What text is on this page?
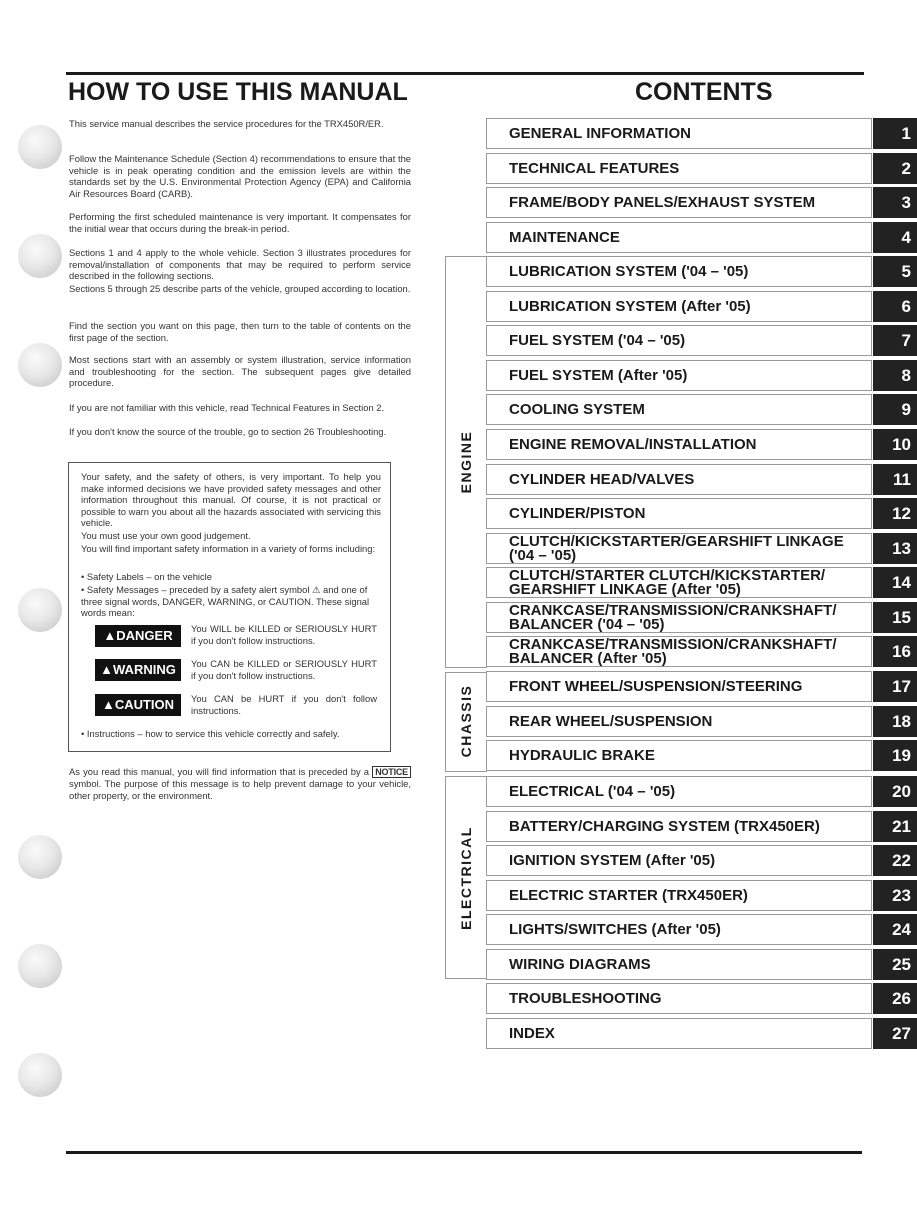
HOW TO USE THIS MANUAL
This service manual describes the service procedures for the TRX450R/ER.
Follow the Maintenance Schedule (Section 4) recommendations to ensure that the vehicle is in peak operating condition and the emission levels are within the standards set by the U.S. Environmental Protection Agency (EPA) and California Air Resources Board (CARB).
Performing the first scheduled maintenance is very important. It compensates for the initial wear that occurs during the break-in period.
Sections 1 and 4 apply to the whole vehicle. Section 3 illustrates procedures for removal/installation of components that may be required to perform service described in the following sections.
Sections 5 through 25 describe parts of the vehicle, grouped according to location.
Find the section you want on this page, then turn to the table of contents on the first page of the section.
Most sections start with an assembly or system illustration, service information and troubleshooting for the section. The subsequent pages give detailed procedure.
If you are not familiar with this vehicle, read Technical Features in Section 2.
If you don't know the source of the trouble, go to section 26 Troubleshooting.
Your safety, and the safety of others, is very important. To help you make informed decisions we have provided safety messages and other information throughout this manual. Of course, it is not practical or possible to warn you about all the hazards associated with servicing this vehicle.
You must use your own good judgement.
You will find important safety information in a variety of forms including:
• Safety Labels – on the vehicle
• Safety Messages – preceded by a safety alert symbol ⚠ and one of three signal words, DANGER, WARNING, or CAUTION. These signal words mean:
▲DANGER	You WILL be KILLED or SERIOUSLY HURT if you don't follow instructions.
▲WARNING	You CAN be KILLED or SERIOUSLY HURT if you don't follow instructions.
▲CAUTION	You CAN be HURT if you don't follow instructions.
• Instructions – how to service this vehicle correctly and safely.
As you read this manual, you will find information that is preceded by a NOTICE symbol. The purpose of this message is to help prevent damage to your vehicle, other property, or the environment.
CONTENTS
ENGINE
CHASSIS
ELECTRICAL
GENERAL INFORMATION	1
TECHNICAL FEATURES	2
FRAME/BODY PANELS/EXHAUST SYSTEM	3
MAINTENANCE	4
LUBRICATION SYSTEM ('04 – '05)	5
LUBRICATION SYSTEM (After '05)	6
FUEL SYSTEM ('04 – '05)	7
FUEL SYSTEM (After '05)	8
COOLING SYSTEM	9
ENGINE REMOVAL/INSTALLATION	10
CYLINDER HEAD/VALVES	11
CYLINDER/PISTON	12
CLUTCH/KICKSTARTER/GEARSHIFT LINKAGE ('04 – '05)	13
CLUTCH/STARTER CLUTCH/KICKSTARTER/ GEARSHIFT LINKAGE (After '05)	14
CRANKCASE/TRANSMISSION/CRANKSHAFT/ BALANCER ('04 – '05)	15
CRANKCASE/TRANSMISSION/CRANKSHAFT/ BALANCER (After '05)	16
FRONT WHEEL/SUSPENSION/STEERING	17
REAR WHEEL/SUSPENSION	18
HYDRAULIC BRAKE	19
ELECTRICAL ('04 – '05)	20
BATTERY/CHARGING SYSTEM (TRX450ER)	21
IGNITION SYSTEM (After '05)	22
ELECTRIC STARTER (TRX450ER)	23
LIGHTS/SWITCHES (After '05)	24
WIRING DIAGRAMS	25
TROUBLESHOOTING	26
INDEX	27
